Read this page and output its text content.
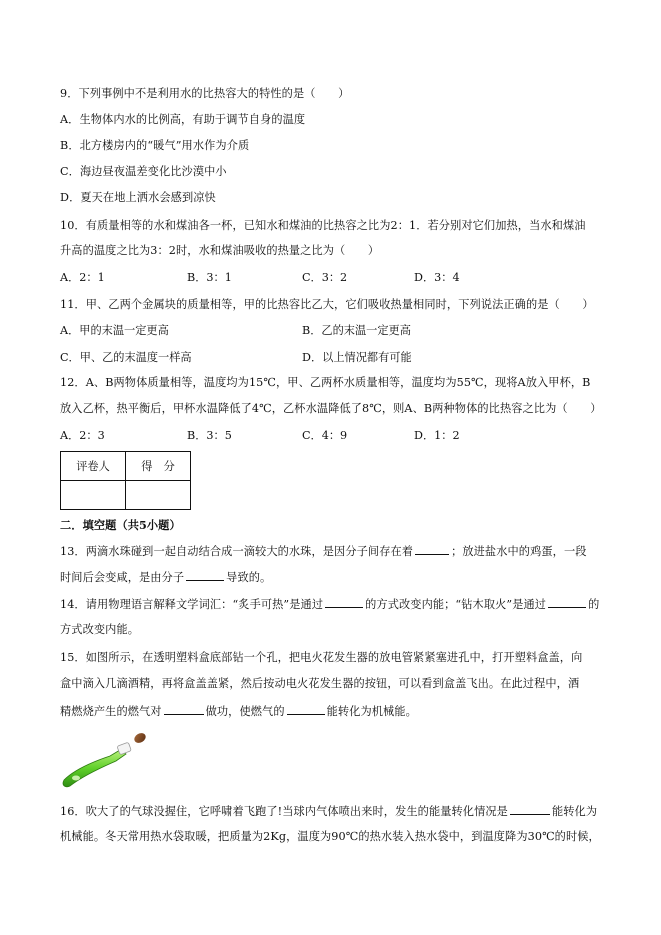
9．下列事例中不是利用水的比热容大的特性的是（　　）
A．生物体内水的比例高，有助于调节自身的温度
B．北方楼房内的“暖气”用水作为介质
C．海边昼夜温差变化比沙漠中小
D．夏天在地上洒水会感到凉快
10．有质量相等的水和煤油各一杯，已知水和煤油的比热容之比为2：1．若分别对它们加热，当水和煤油
升高的温度之比为3：2时，水和煤油吸收的热量之比为（　　）
A．2：1	B．3：1	C．3：2	D．3：4
11．甲、乙两个金属块的质量相等，甲的比热容比乙大，它们吸收热量相同时，下列说法正确的是（　　）
A．甲的末温一定更高	B．乙的末温一定更高
C．甲、乙的末温度一样高	D．以上情况都有可能
12．A、B两物体质量相等，温度均为15℃，甲、乙两杯水质量相等，温度均为55℃，现将A放入甲杯，B
放入乙杯，热平衡后，甲杯水温降低了4℃，乙杯水温降低了8℃，则A、B两种物体的比热容之比为（　　）
A．2：3	B．3：5	C．4：9	D．1：2
评卷人	得　分

二．填空题（共5小题）
13．两滴水珠碰到一起自动结合成一滴较大的水珠，是因分子间存在着	；放进盐水中的鸡蛋，一段
时间后会变咸，是由分子	导致的。
14．请用物理语言解释文学词汇：“炙手可热”是通过	的方式改变内能；“钻木取火”是通过	的
方式改变内能。
15．如图所示，在透明塑料盒底部钻一个孔，把电火花发生器的放电管紧紧塞进孔中，打开塑料盒盖，向
盒中滴入几滴酒精，再将盒盖盖紧，然后按动电火花发生器的按钮，可以看到盒盖飞出。在此过程中，酒
精燃烧产生的燃气对	做功，使燃气的	能转化为机械能。
16．吹大了的气球没握住，它呼啸着飞跑了!当球内气体喷出来时，发生的能量转化情况是	能转化为
机械能。冬天常用热水袋取暖，把质量为2Kg，温度为90℃的热水装入热水袋中，到温度降为30℃的时候，
